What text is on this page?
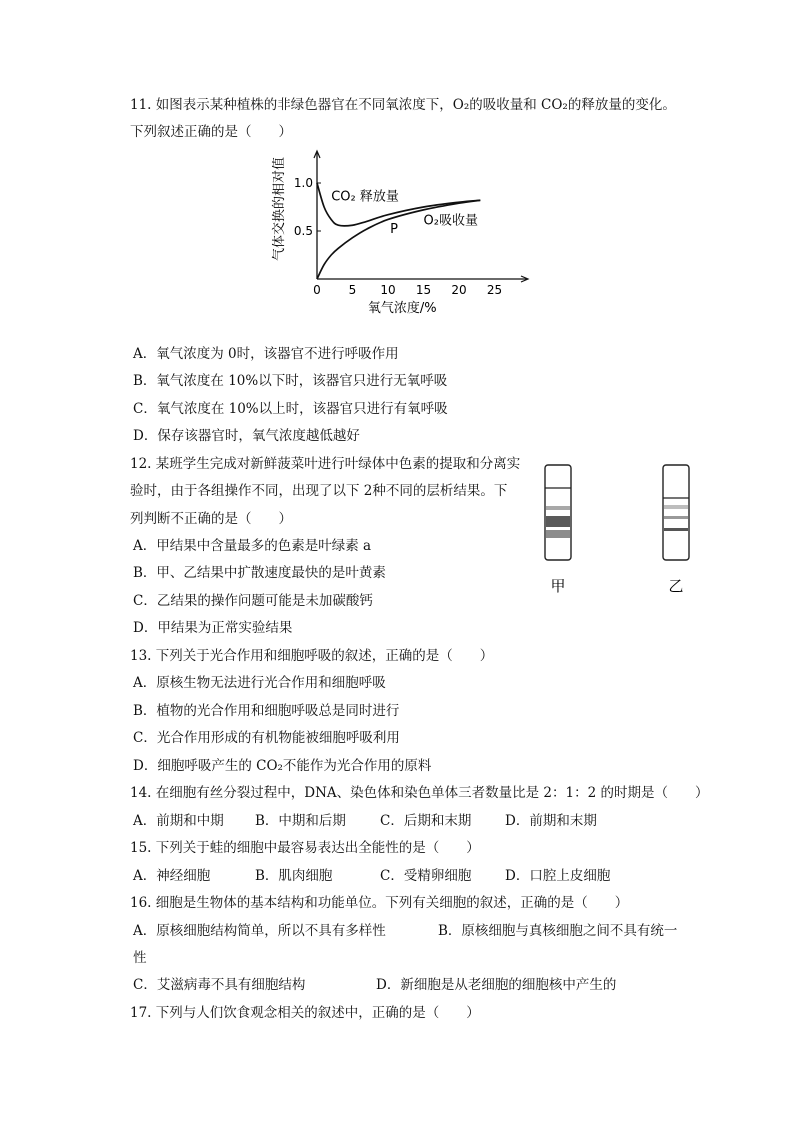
11. 如图表示某种植株的非绿色器官在不同氧浓度下，O₂的吸收量和 CO₂的释放量的变化。
下列叙述正确的是（　　）
0 5 10 15 20 25
1.0
0.5
气体交换的相对值
氧气浓度/%
CO₂ 释放量
O₂吸收量
P
A．氧气浓度为 0时，该器官不进行呼吸作用
B．氧气浓度在 10%以下时，该器官只进行无氧呼吸
C．氧气浓度在 10%以上时，该器官只进行有氧呼吸
D．保存该器官时，氧气浓度越低越好
12. 某班学生完成对新鲜菠菜叶进行叶绿体中色素的提取和分离实
验时，由于各组操作不同，出现了以下 2种不同的层析结果。下
列判断不正确的是（　　）
A．甲结果中含量最多的色素是叶绿素 a
B．甲、乙结果中扩散速度最快的是叶黄素
C．乙结果的操作问题可能是未加碳酸钙
D．甲结果为正常实验结果
甲	乙
13. 下列关于光合作用和细胞呼吸的叙述，正确的是（　　）
A．原核生物无法进行光合作用和细胞呼吸
B．植物的光合作用和细胞呼吸总是同时进行
C．光合作用形成的有机物能被细胞呼吸利用
D．细胞呼吸产生的 CO₂不能作为光合作用的原料
14. 在细胞有丝分裂过程中，DNA、染色体和染色单体三者数量比是 2：1：2 的时期是（　　）
A．前期和中期 B．中期和后期	C．后期和末期 D．前期和末期
15. 下列关于蛙的细胞中最容易表达出全能性的是（　　）
A．神经细胞	B．肌肉细胞	C．受精卵细胞 D．口腔上皮细胞
16. 细胞是生物体的基本结构和功能单位。下列有关细胞的叙述，正确的是（　　）
A．原核细胞结构简单，所以不具有多样性	B．原核细胞与真核细胞之间不具有统一
性
C．艾滋病毒不具有细胞结构	D．新细胞是从老细胞的细胞核中产生的
17. 下列与人们饮食观念相关的叙述中，正确的是（　　）
